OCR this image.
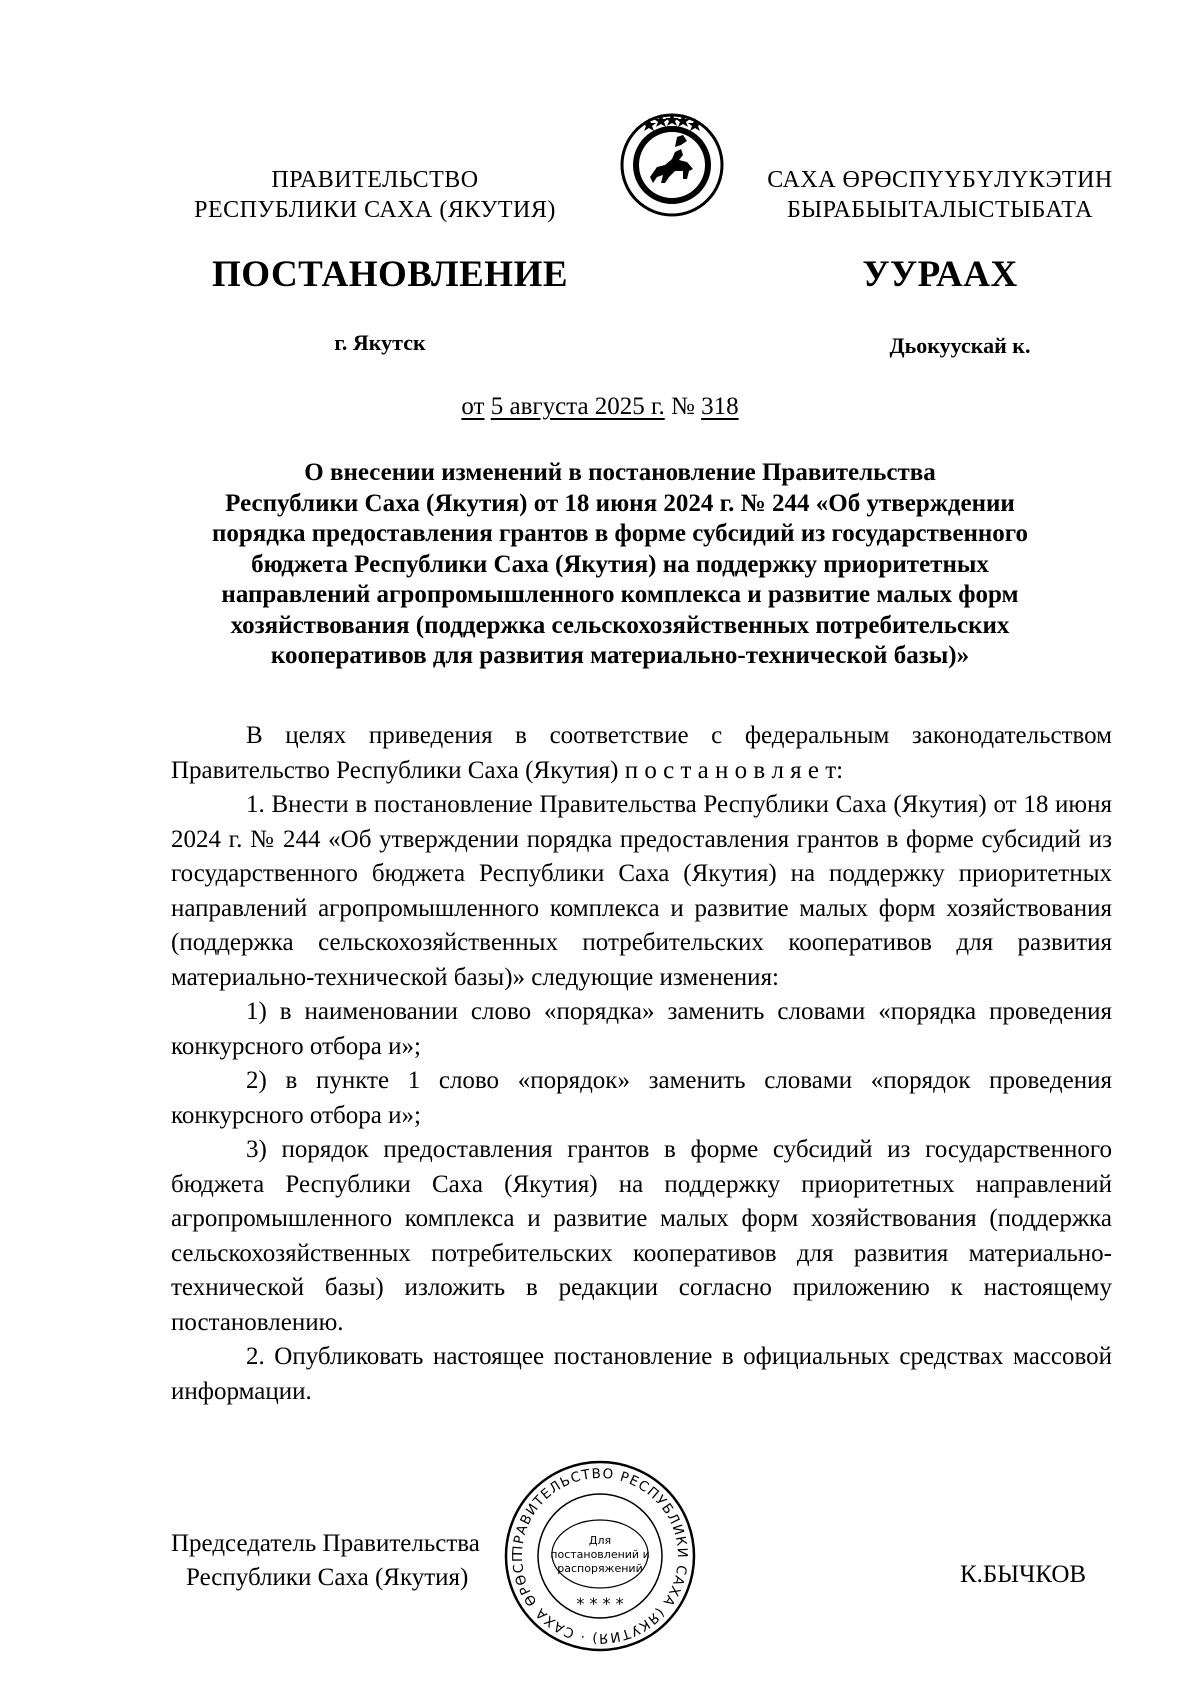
ПРАВИТЕЛЬСТВО
РЕСПУБЛИКИ САХА (ЯКУТИЯ)
САХА ӨРӨСПҮҮБҮЛҮКЭТИН
БЫРАБЫЫТАЛЫСТЫБАТА
ПОСТАНОВЛЕНИЕ	УУРААХ
г. Якутск	Дьокуускай к.
от 5 августа 2025 г. № 318
О внесении изменений в постановление Правительства
Республики Саха (Якутия) от 18 июня 2024 г. № 244 «Об утверждении
порядка предоставления грантов в форме субсидий из государственного
бюджета Республики Саха (Якутия) на поддержку приоритетных
направлений агропромышленного комплекса и развитие малых форм
хозяйствования (поддержка сельскохозяйственных потребительских
кооперативов для развития материально-технической базы)»

В целях приведения в соответствие с федеральным законодательством Правительство Республики Саха (Якутия) п о с т а н о в л я е т:

1. Внести в постановление Правительства Республики Саха (Якутия) от 18 июня 2024 г. № 244 «Об утверждении порядка предоставления грантов в форме субсидий из государственного бюджета Республики Саха (Якутия) на поддержку приоритетных направлений агропромышленного комплекса и развитие малых форм хозяйствования (поддержка сельскохозяйственных потребительских кооперативов для развития материально-технической базы)» следующие изменения:

1) в наименовании слово «порядка» заменить словами «порядка проведения конкурсного отбора и»;

2) в пункте 1 слово «порядок» заменить словами «порядок проведения конкурсного отбора и»;

3) порядок предоставления грантов в форме субсидий из государственного бюджета Республики Саха (Якутия) на поддержку приоритетных направлений агропромышленного комплекса и развитие малых форм хозяйствования (поддержка сельскохозяйственных потребительских кооперативов для развития материально-технической базы) изложить в редакции согласно приложению к настоящему постановлению.

2. Опубликовать настоящее постановление в официальных средствах массовой информации.

Председатель Правительства
Республики Саха (Якутия)	К.БЫЧКОВ
ПРАВИТЕЛЬСТВО РЕСПУБЛИКИ САХА (ЯКУТИЯ) · САХА ӨРӨСП
Для
постановлений и
распоряжений
* * * *
